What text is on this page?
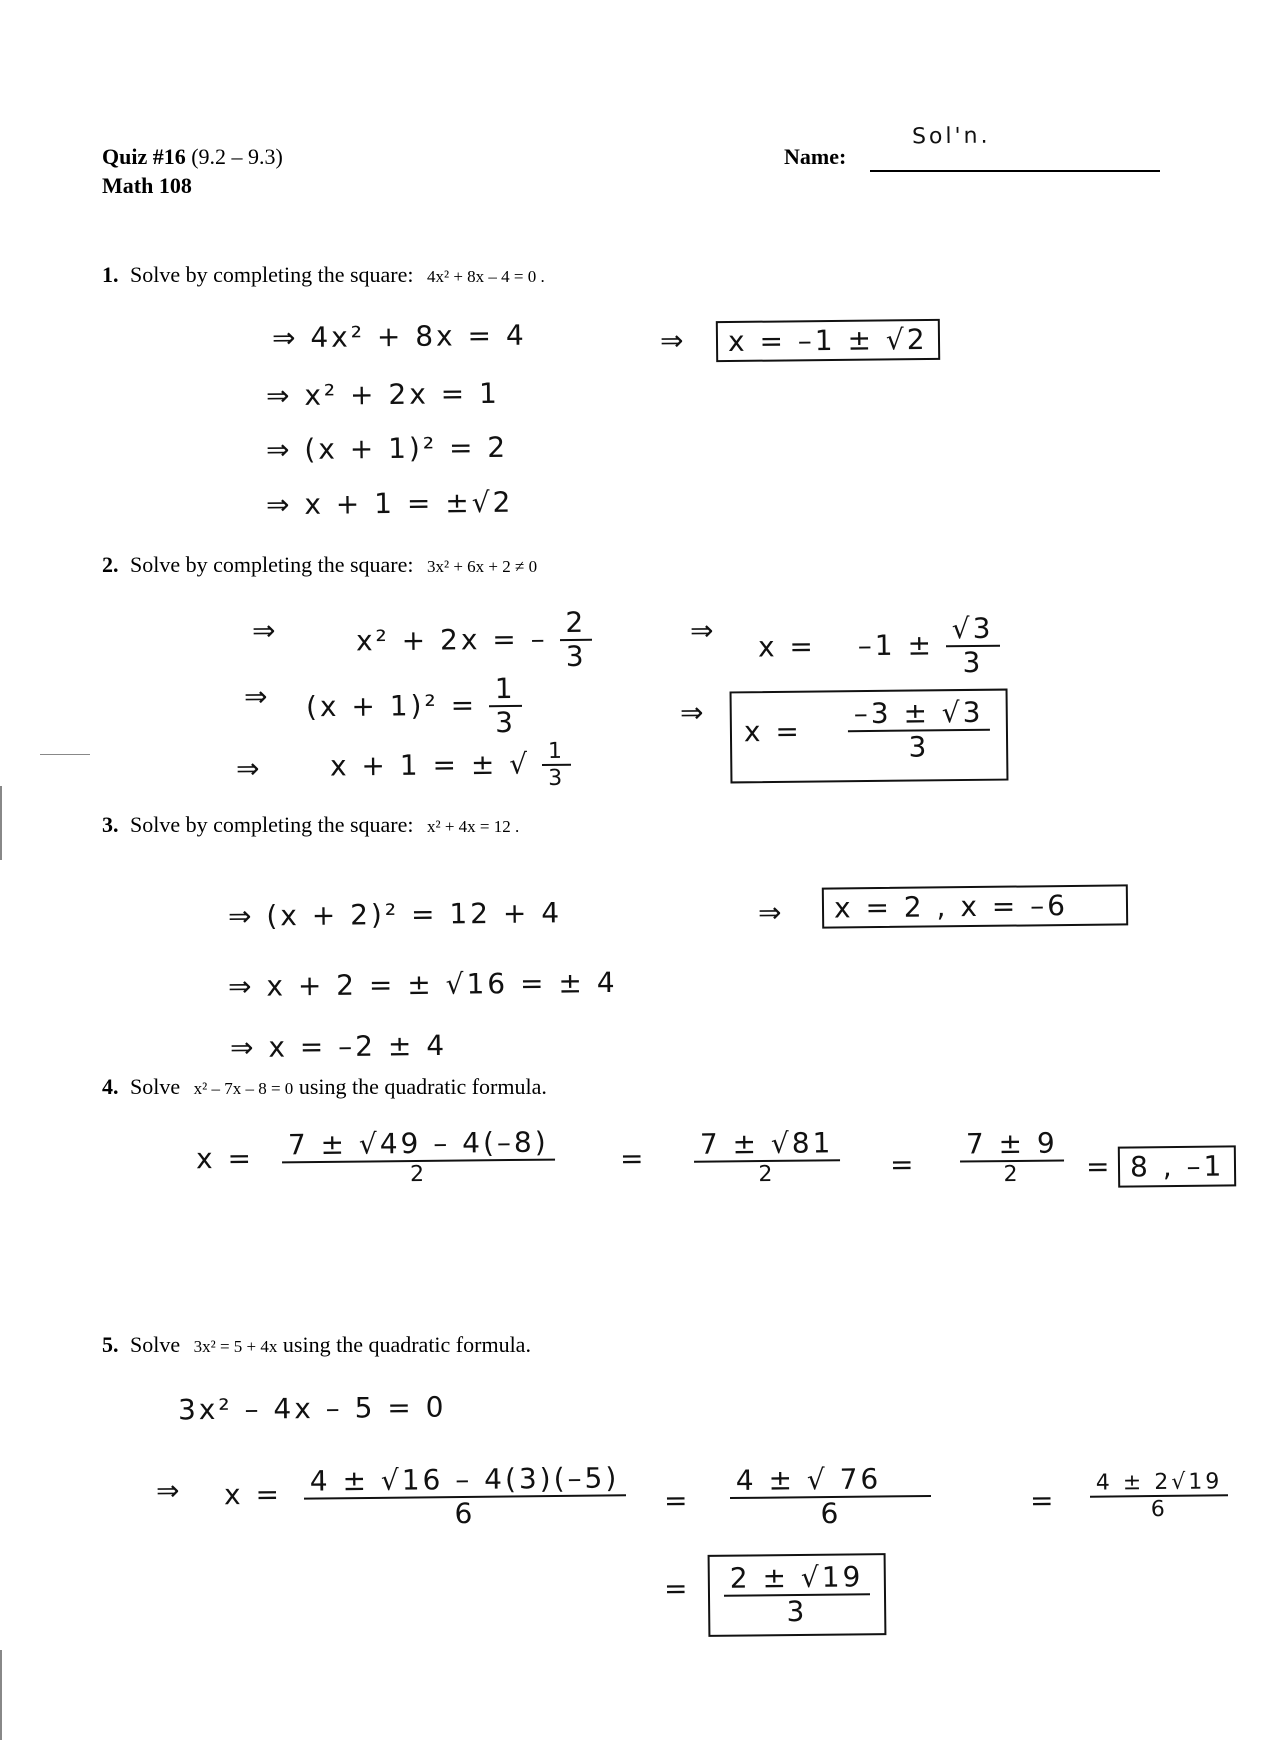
Quiz #16 (9.2 – 9.3)
Math 108
Name:
Sol'n.
1. Solve by completing the square: 4x² + 8x – 4 = 0 .
⇒ 4x² + 8x = 4
⇒ x² + 2x = 1
⇒ (x + 1)² = 2
⇒ x + 1 = ±√2
⇒	x = –1 ± √2
2. Solve by completing the square: 3x² + 6x + 2 ≠ 0
⇒	x² + 2x = – $\frac{2}{3}$
⇒ $(x + 1)^2 = \frac{1}{3}$
⇒ x + 1 = ± √ $\frac{1}{3}$
⇒ $x = -1 \pm \frac{√3}{3}$
⇒
$x = \frac{-3 \pm √3}{3}$
3. Solve by completing the square: x² + 4x = 12 .
⇒ (x + 2)² = 12 + 4
⇒ x + 2 = ± √16 = ± 4
⇒ x = –2 ± 4
⇒	x = 2 , x = –6
4. Solve x² – 7x – 8 = 0 using the quadratic formula.
$x = \frac{7 \pm √49 - 4(-8)}{2} = \frac{7 \pm √81}{2} = \frac{7 \pm 9}{2} = 8$ , –1
5. Solve 3x² = 5 + 4x using the quadratic formula.
3x² – 4x – 5 = 0
⇒ $x = \frac{4 \pm √16 - 4(3)(-5)}{6} = \frac{4 \pm √ 76}{6}$	= $\frac{4 \pm 2√19}{6}$
= $\frac{2 \pm √19}{3}$
